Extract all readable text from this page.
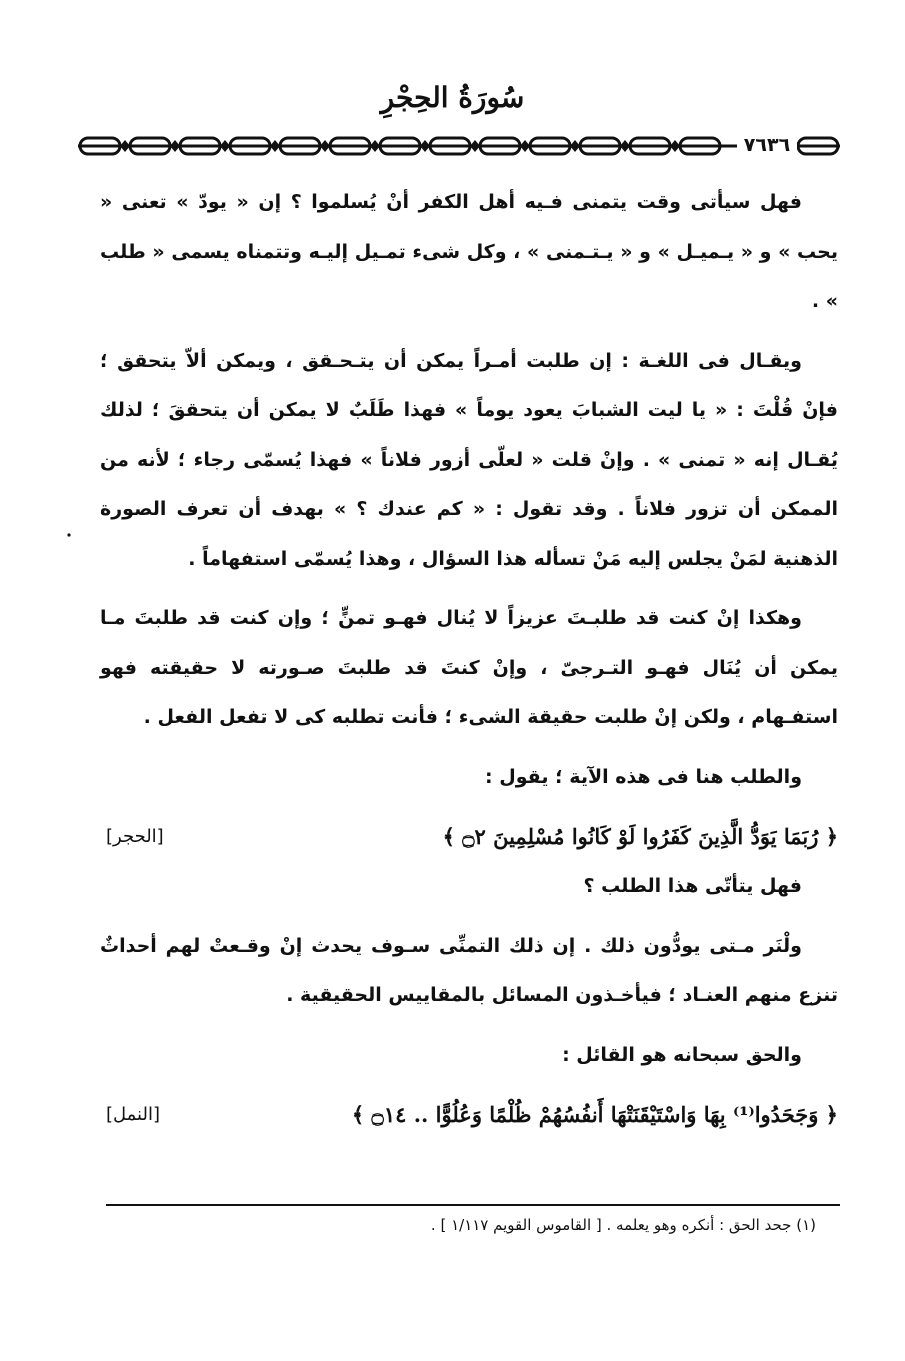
سُورَةُ الحِجْرِ
٧٦٣٦

فهل سيأتى وقت يتمنى فـيه أهل الكفر أنْ يُسلموا ؟ إن « يودّ » تعنى « يحب » و « يـميـل » و « يـتـمنى » ، وكل شىء تمـيل إليـه وتتمناه يسمى « طلب » .

ويقـال فى اللغـة : إن طلبت أمـراً يمكن أن يتـحـقق ، ويمكن ألاّ يتحقق ؛ فإنْ قُلْتَ : « يا ليت الشبابَ يعود يوماً » فهذا طَلَبٌ لا يمكن أن يتحققَ ؛ لذلك يُقـال إنه « تمنى » . وإنْ قلت « لعلّى أزور فلاناً » فهذا يُسمّى رجاء ؛ لأنه من الممكن أن تزور فلاناً . وقد تقول : « كم عندك ؟ » بهدف أن تعرف الصورة الذهنية لمَنْ يجلس إليه مَنْ تسأله هذا السؤال ، وهذا يُسمّى استفهاماً .

وهكذا إنْ كنت قد طلبـتَ عزيزاً لا يُنال فهـو تمنٍّ ؛ وإن كنت قد طلبتَ مـا يمكن أن يُنَال فهـو التـرجىّ ، وإنْ كنتَ قد طلبتَ صـورته لا حقيقته فهو استفـهام ، ولكن إنْ طلبت حقيقة الشىء ؛ فأنت تطلبه كى لا تفعل الفعل .

والطلب هنا فى هذه الآية ؛ يقول :

﴿ رُبَمَا يَوَدُّ الَّذِينَ كَفَرُوا لَوْ كَانُوا مُسْلِمِينَ ۝٢ ﴾
[الحجر]

فهل يتأتّى هذا الطلب ؟

ولْنَر مـتى يودُّون ذلك . إن ذلك التمنِّى سـوف يحدث إنْ وقـعتْ لهم أحداثٌ تنزع منهم العنـاد ؛ فيأخـذون المسائل بالمقاييس الحقيقية .

والحق سبحانه هو القائل :

﴿ وَجَحَدُوا⁽¹⁾ بِهَا وَاسْتَيْقَنَتْهَا أَنفُسُهُمْ ظُلْمًا وَعُلُوًّا .. ۝١٤ ﴾
[النمل]
(١) جحد الحق : أنكره وهو يعلمه . [ القاموس القويم ١/١١٧ ] .
